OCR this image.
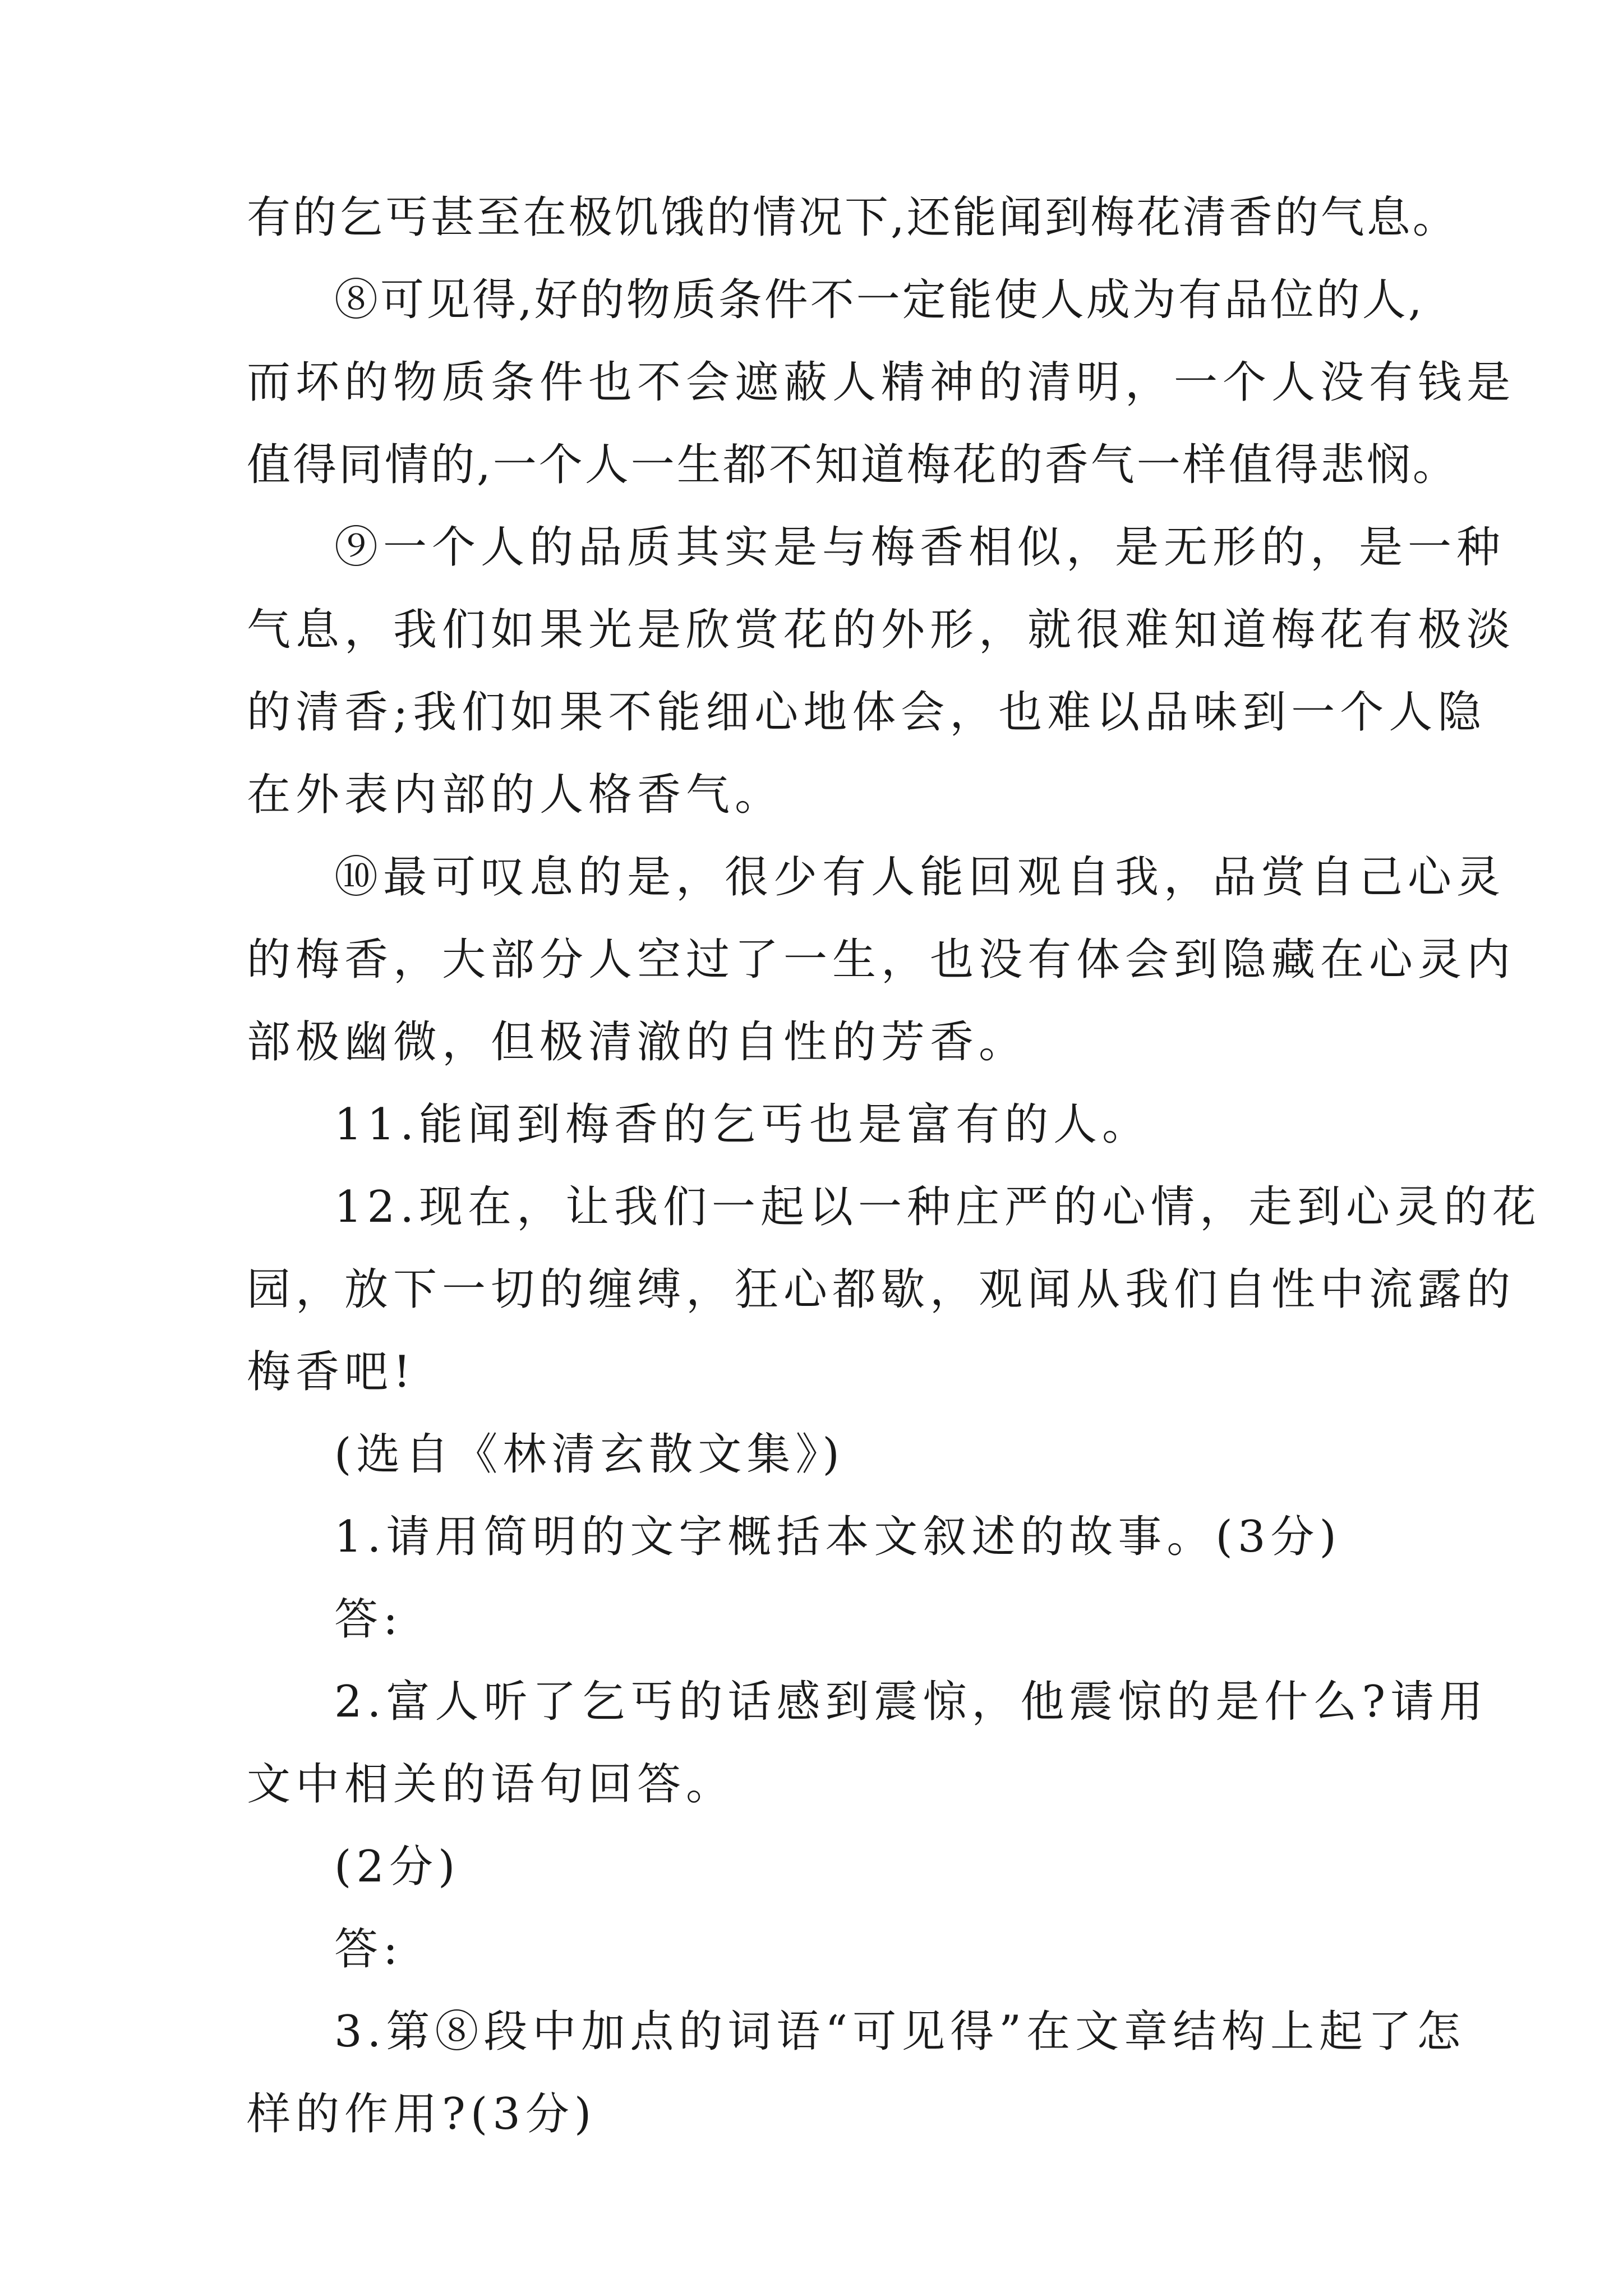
有的乞丐甚至在极饥饿的情况下,还能闻到梅花清香的气息。
⑧可见得,好的物质条件不一定能使人成为有品位的人,
而坏的物质条件也不会遮蔽人精神的清明，一个人没有钱是
值得同情的,一个人一生都不知道梅花的香气一样值得悲悯。
⑨一个人的品质其实是与梅香相似，是无形的，是一种
气息，我们如果光是欣赏花的外形，就很难知道梅花有极淡
的清香;我们如果不能细心地体会，也难以品味到一个人隐
在外表内部的人格香气。
⑩最可叹息的是，很少有人能回观自我，品赏自己心灵
的梅香，大部分人空过了一生，也没有体会到隐藏在心灵内
部极幽微，但极清澈的自性的芳香。
11.能闻到梅香的乞丐也是富有的人。
12.现在，让我们一起以一种庄严的心情，走到心灵的花
园，放下一切的缠缚，狂心都歇，观闻从我们自性中流露的
梅香吧!
(选自《林清玄散文集》)
1.请用简明的文字概括本文叙述的故事。(3分)
答:
2.富人听了乞丐的话感到震惊，他震惊的是什么?请用
文中相关的语句回答。
(2分)
答:
3.第⑧段中加点的词语“可见得”在文章结构上起了怎
样的作用?(3分)
